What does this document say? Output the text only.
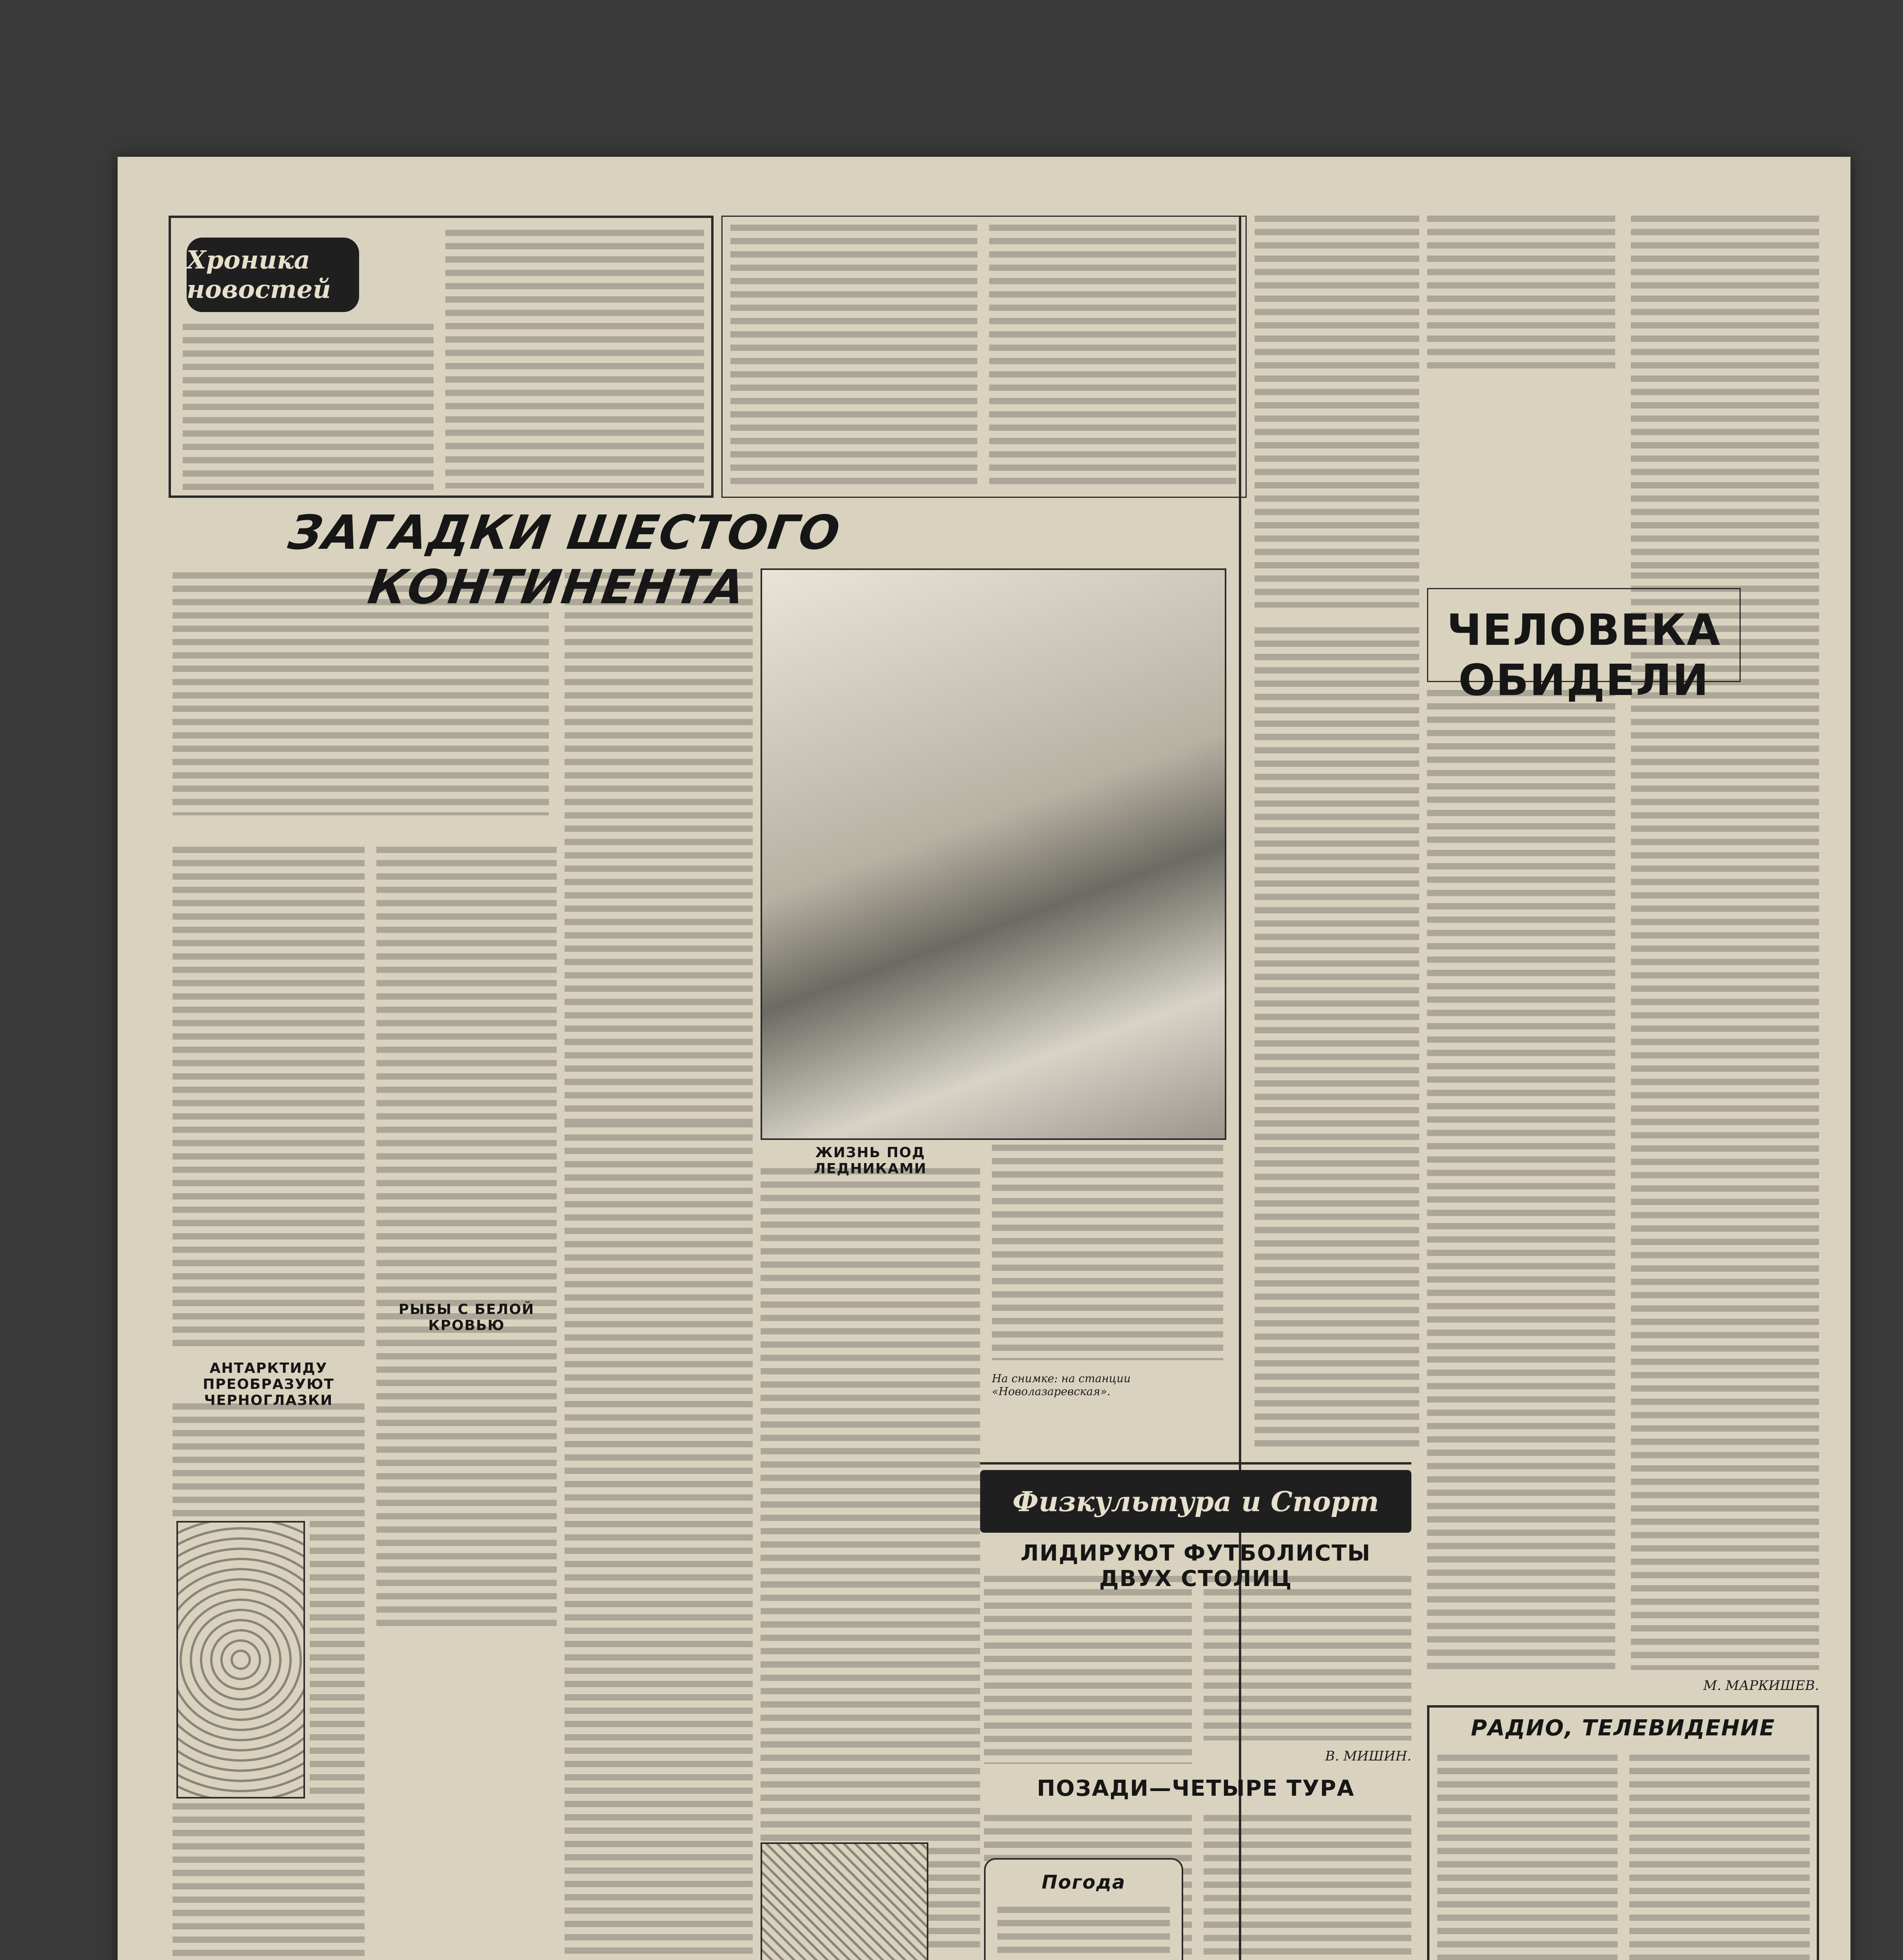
Хроника новостей
ЗАГАДКИ ШЕСТОГО КОНТИНЕНТА
АНТАРКТИДУ ПРЕОБРАЗУЮТ ЧЕРНОГЛАЗКИ
РЫБЫ С БЕЛОЙ КРОВЬЮ
ЖИЗНЬ ПОД ЛЕДНИКАМИ
На снимке: на станции «Новолазаревская».
ЧЕЛОВЕКА ОБИДЕЛИ
М. МАРКИШЕВ.
Физкультура и Спорт
ЛИДИРУЮТ ФУТБОЛИСТЫ ДВУХ СТОЛИЦ
В. МИШИН.
ПОЗАДИ—ЧЕТЫРЕ ТУРА
Погода
РАДИО, ТЕЛЕВИДЕНИЕ
